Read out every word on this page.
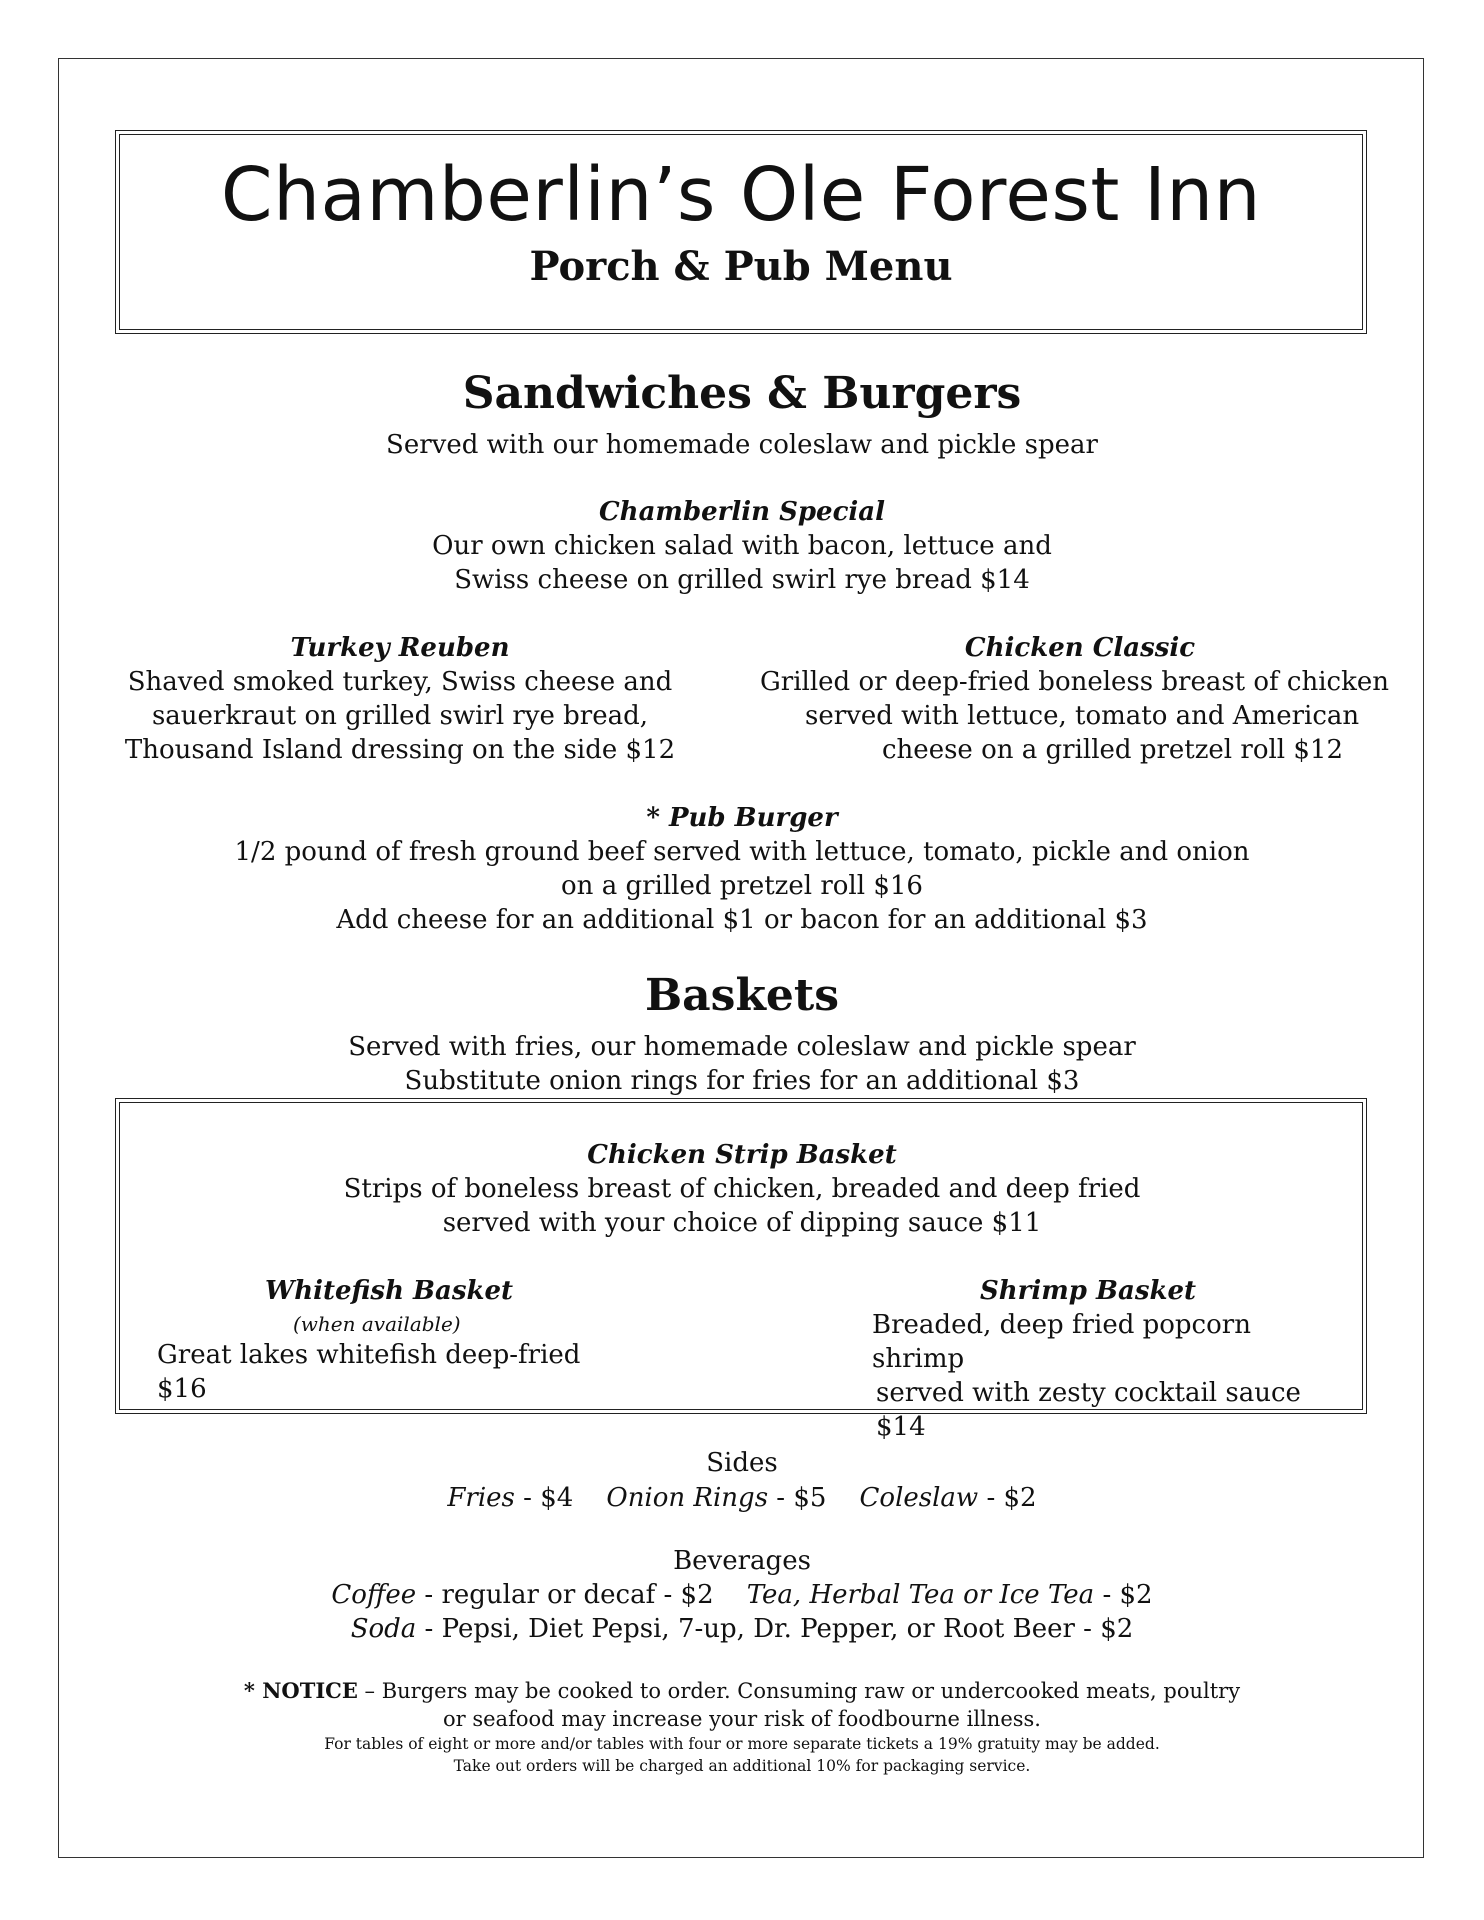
Chamberlin’s Ole Forest Inn
Porch & Pub Menu
Sandwiches & Burgers
Served with our homemade coleslaw and pickle spear
Chamberlin Special
Our own chicken salad with bacon, lettuce and
Swiss cheese on grilled swirl rye bread $14
Turkey Reuben
Shaved smoked turkey, Swiss cheese and
sauerkraut on grilled swirl rye bread,
Thousand Island dressing on the side $12
Chicken Classic
Grilled or deep-fried boneless breast of chicken
served with lettuce, tomato and American
cheese on a grilled pretzel roll $12
* Pub Burger
1/2 pound of fresh ground beef served with lettuce, tomato, pickle and onion
on a grilled pretzel roll $16
Add cheese for an additional $1 or bacon for an additional $3
Baskets
Served with fries, our homemade coleslaw and pickle spear
Substitute onion rings for fries for an additional $3
Chicken Strip Basket
Strips of boneless breast of chicken, breaded and deep fried
served with your choice of dipping sauce $11
Whitefish Basket
(when available)
Great lakes whitefish deep-fried $16
Shrimp Basket
Breaded, deep fried popcorn shrimp
served with zesty cocktail sauce $14
Sides
Fries - $4 Onion Rings - $5 Coleslaw - $2
Beverages
Coffee - regular or decaf - $2 Tea, Herbal Tea or Ice Tea - $2
Soda - Pepsi, Diet Pepsi, 7-up, Dr. Pepper, or Root Beer - $2
* NOTICE – Burgers may be cooked to order. Consuming raw or undercooked meats, poultry
or seafood may increase your risk of foodbourne illness.
For tables of eight or more and/or tables with four or more separate tickets a 19% gratuity may be added.
Take out orders will be charged an additional 10% for packaging service.
